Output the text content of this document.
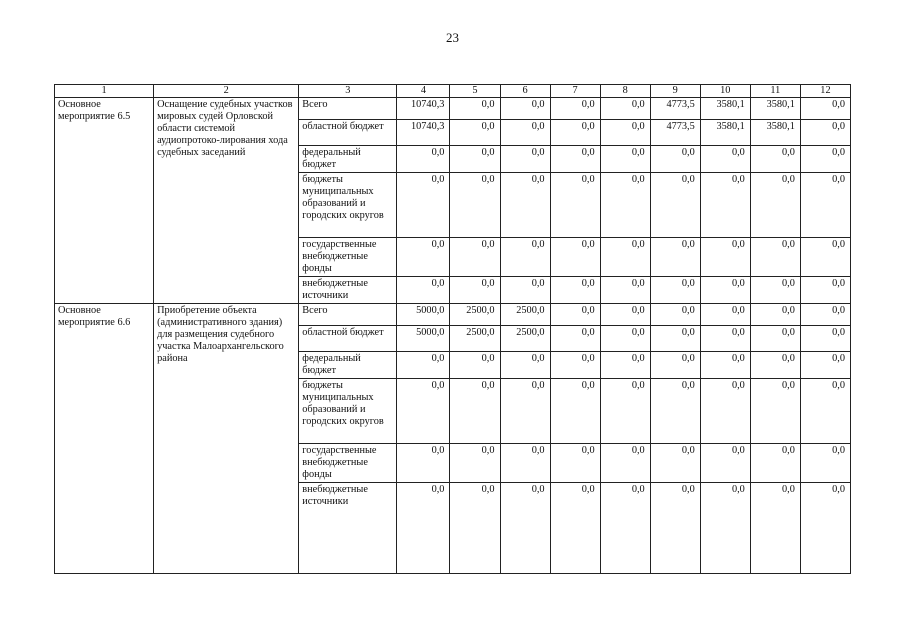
23
1	2	3	4	5	6	7	8	9	10	11	12
Основное мероприятие 6.5	Оснащение судебных участков мировых судей Орловской области системой аудиопротоко-лирования хода судебных заседаний	Всего	10740,3	0,0	0,0	0,0	0,0	4773,5	3580,1	3580,1	0,0
		областной бюджет	10740,3	0,0	0,0	0,0	0,0	4773,5	3580,1	3580,1	0,0
		федеральный бюджет	0,0	0,0	0,0	0,0	0,0	0,0	0,0	0,0	0,0
		бюджеты муниципальных образований и городских округов	0,0	0,0	0,0	0,0	0,0	0,0	0,0	0,0	0,0
		государственные внебюджетные фонды	0,0	0,0	0,0	0,0	0,0	0,0	0,0	0,0	0,0
		внебюджетные источники	0,0	0,0	0,0	0,0	0,0	0,0	0,0	0,0	0,0
Основное мероприятие 6.6	Приобретение объекта (административного здания) для размещения судебного участка Малоархангельского района	Всего	5000,0	2500,0	2500,0	0,0	0,0	0,0	0,0	0,0	0,0
		областной бюджет	5000,0	2500,0	2500,0	0,0	0,0	0,0	0,0	0,0	0,0
		федеральный бюджет	0,0	0,0	0,0	0,0	0,0	0,0	0,0	0,0	0,0
		бюджеты муниципальных образований и городских округов	0,0	0,0	0,0	0,0	0,0	0,0	0,0	0,0	0,0
		государственные внебюджетные фонды	0,0	0,0	0,0	0,0	0,0	0,0	0,0	0,0	0,0
		внебюджетные источники	0,0	0,0	0,0	0,0	0,0	0,0	0,0	0,0	0,0
